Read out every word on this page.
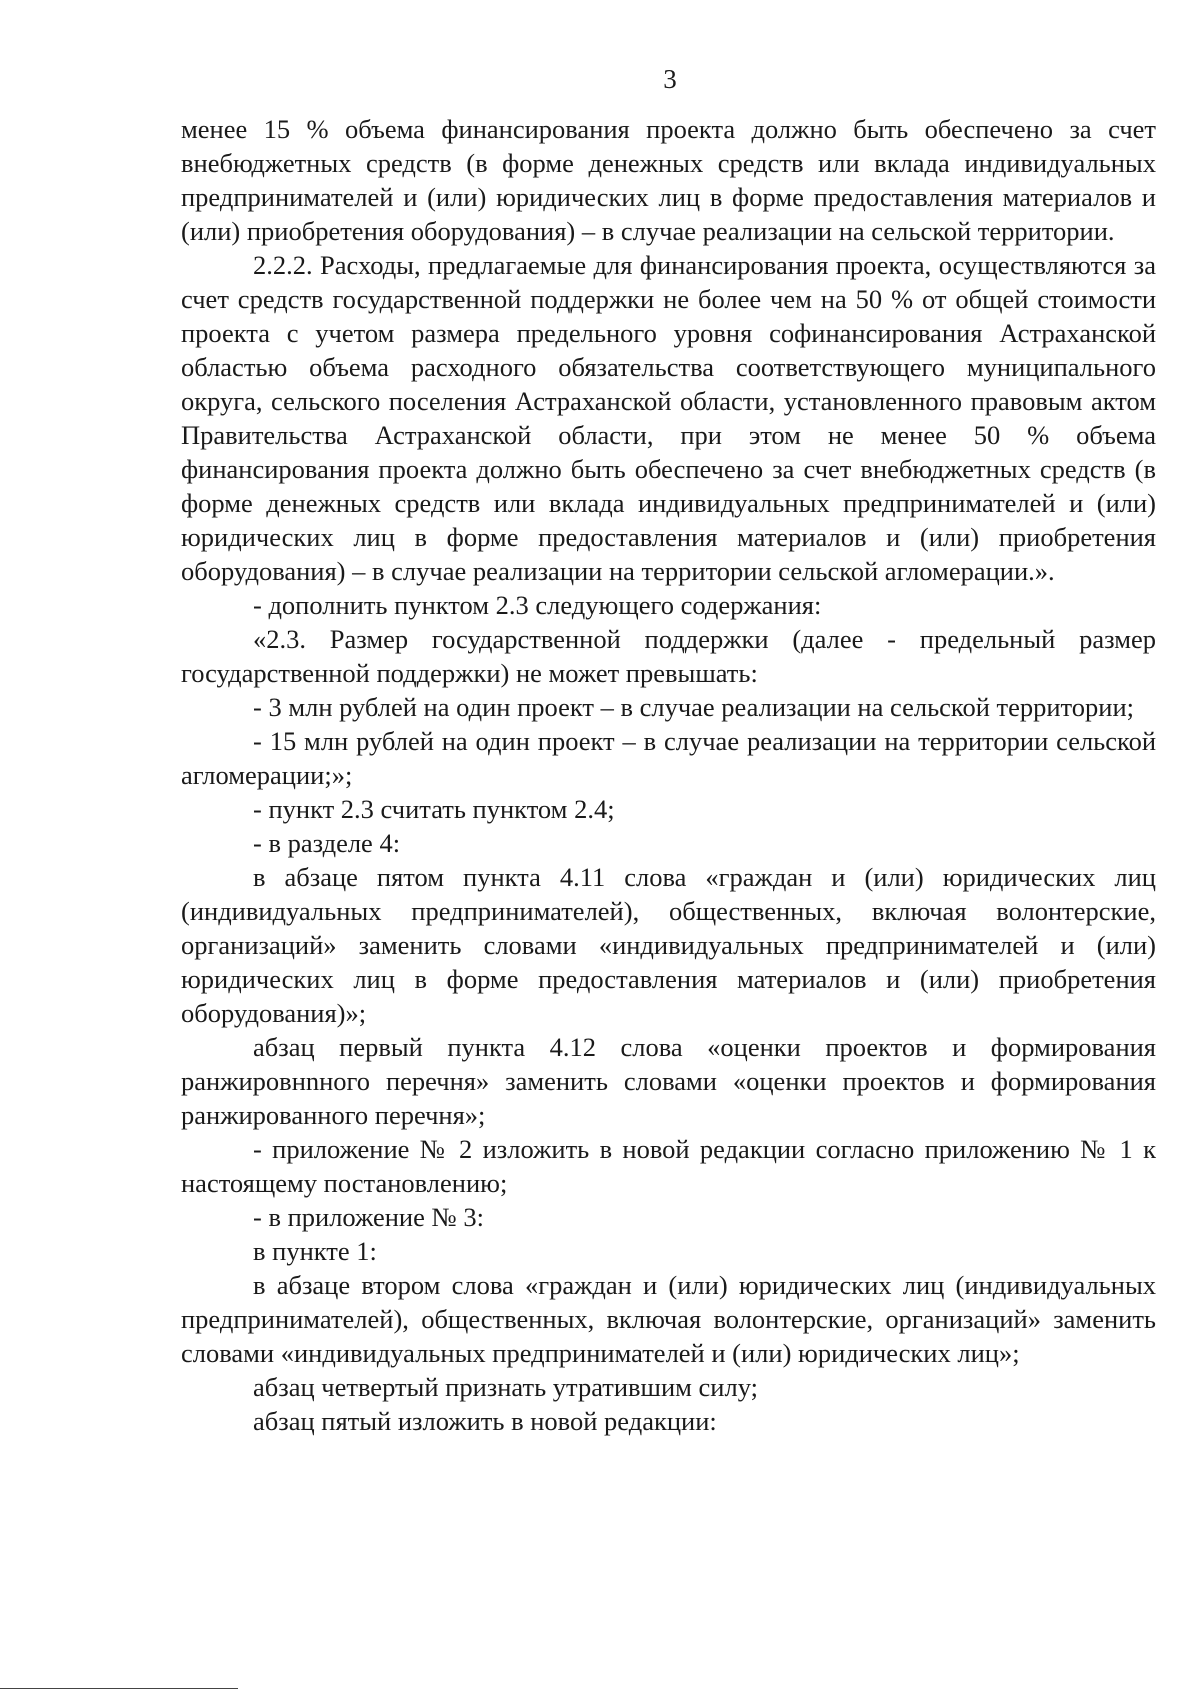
3

менее 15 % объема финансирования проекта должно быть обеспечено за счет внебюджетных средств (в форме денежных средств или вклада индивидуальных предпринимателей и (или) юридических лиц в форме предоставления материалов и (или) приобретения оборудования) – в случае реализации на сельской территории.

2.2.2. Расходы, предлагаемые для финансирования проекта, осуществляются за счет средств государственной поддержки не более чем на 50 % от общей стоимости проекта с учетом размера предельного уровня софинансирования Астраханской областью объема расходного обязательства соответствующего муниципального округа, сельского поселения Астраханской области, установленного правовым актом Правительства Астраханской области, при этом не менее 50 % объема финансирования проекта должно быть обеспечено за счет внебюджетных средств (в форме денежных средств или вклада индивидуальных предпринимателей и (или) юридических лиц в форме предоставления материалов и (или) приобретения оборудования) – в случае реализации на территории сельской агломерации.».

- дополнить пунктом 2.3 следующего содержания:

«2.3. Размер государственной поддержки (далее - предельный размер государственной поддержки) не может превышать:

- 3 млн рублей на один проект – в случае реализации на сельской территории;

- 15 млн рублей на один проект – в случае реализации на территории сельской агломерации;»;

- пункт 2.3 считать пунктом 2.4;

- в разделе 4:

в абзаце пятом пункта 4.11 слова «граждан и (или) юридических лиц (индивидуальных предпринимателей), общественных, включая волонтерские, организаций» заменить словами «индивидуальных предпринимателей и (или) юридических лиц в форме предоставления материалов и (или) приобретения оборудования)»;

абзац первый пункта 4.12 слова «оценки проектов и формирования ранжировнnного перечня» заменить словами «оценки проектов и формирования ранжированного перечня»;

- приложение № 2 изложить в новой редакции согласно приложению № 1 к настоящему постановлению;

- в приложение № 3:

в пункте 1:

в абзаце втором слова «граждан и (или) юридических лиц (индивидуальных предпринимателей), общественных, включая волонтерские, организаций» заменить словами «индивидуальных предпринимателей и (или) юридических лиц»;

абзац четвертый признать утратившим силу;

абзац пятый изложить в новой редакции:
